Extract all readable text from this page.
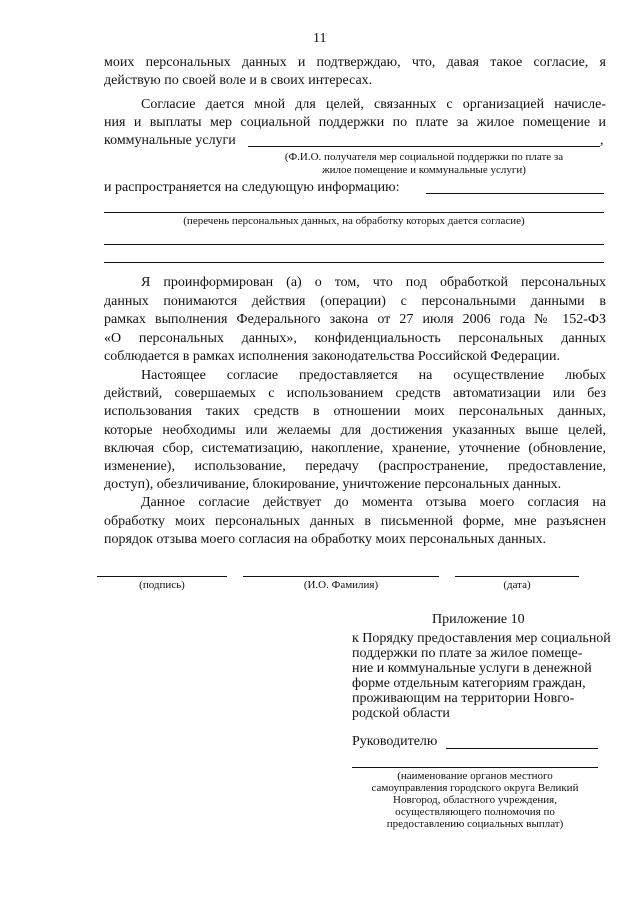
11
моих персональных данных и подтверждаю, что, давая такое согласие, я
действую по своей воле и в своих интересах.
Согласие дается мной для целей, связанных с организацией начисле-
ния и выплаты мер социальной поддержки по плате за жилое помещение и
коммунальные услуги	,
(Ф.И.О. получателя мер социальной поддержки по плате за
жилое помещение и коммунальные услуги)
и распространяется на следующую информацию:
(перечень персональных данных, на обработку которых дается согласие)
Я проинформирован (а) о том, что под обработкой персональных
данных понимаются действия (операции) с персональными данными в
рамках выполнения Федерального закона от 27 июля 2006 года № 152-ФЗ
«О персональных данных», конфиденциальность персональных данных
соблюдается в рамках исполнения законодательства Российской Федерации.
Настоящее согласие предоставляется на осуществление любых
действий, совершаемых с использованием средств автоматизации или без
использования таких средств в отношении моих персональных данных,
которые необходимы или желаемы для достижения указанных выше целей,
включая сбор, систематизацию, накопление, хранение, уточнение (обновление,
изменение), использование, передачу (распространение, предоставление,
доступ), обезличивание, блокирование, уничтожение персональных данных.
Данное согласие действует до момента отзыва моего согласия на
обработку моих персональных данных в письменной форме, мне разъяснен
порядок отзыва моего согласия на обработку моих персональных данных.
(подпись)	(И.О. Фамилия)	(дата)
Приложение 10
к Порядку предоставления мер социальной
поддержки по плате за жилое помеще-
ние и коммунальные услуги в денежной
форме отдельным категориям граждан,
проживающим на территории Новго-
родской области
Руководителю
(наименование органов местного
самоуправления городского округа Великий
Новгород, областного учреждения,
осуществляющего полномочия по
предоставлению социальных выплат)
